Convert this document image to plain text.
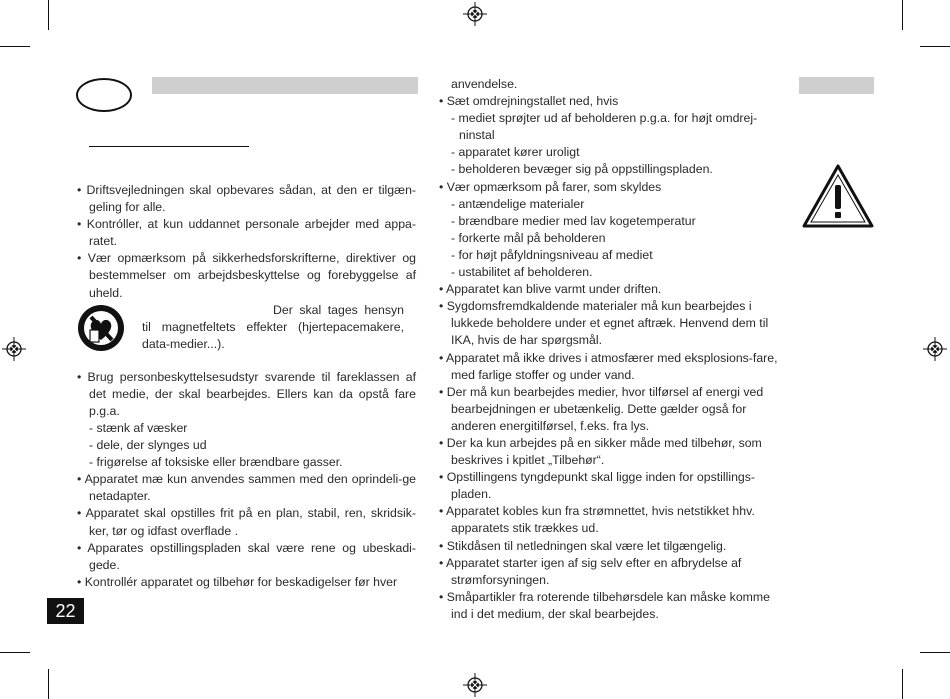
• Driftsvejledningen skal opbevares sådan, at den er tilgæn-geling for alle.

• Kontróller, at kun uddannet personale arbejder med appa-ratet.

• Vær opmærksom på sikkerhedsforskrifterne, direktiver og bestemmelser om arbejdsbeskyttelse og forebyggelse af uheld.

Der skal tages hensyn til magnetfeltets effekter (hjertepacemakere, data-medier...).

• Brug personbeskyttelsesudstyr svarende til fareklassen af det medie, der skal bearbejdes. Ellers kan da opstå fare p.g.a.

- stænk af væsker

- dele, der slynges ud

- frigørelse af toksiske eller brændbare gasser.

• Apparatet mæ kun anvendes sammen med den oprindeli-ge netadapter.

• Apparatet skal opstilles frit på en plan, stabil, ren, skridsik-ker, tør og idfast overflade .

• Apparates opstillingspladen skal være rene og ubeskadi-gede.

• Kontrollér apparatet og tilbehør for beskadigelser før hver

anvendelse.

• Sæt omdrejningstallet ned, hvis

- mediet sprøjter ud af beholderen p.g.a. for højt omdrej-

ninstal

- apparatet kører uroligt

- beholderen bevæger sig på oppstillingspladen.

• Vær opmærksom på farer, som skyldes

- antændelige materialer

- brændbare medier med lav kogetemperatur

- forkerte mål på beholderen

- for højt påfyldningsniveau af mediet

- ustabilitet af beholderen.

• Apparatet kan blive varmt under driften.

• Sygdomsfremdkaldende materialer må kun bearbejdes i lukkede beholdere under et egnet aftræk. Henvend dem til IKA, hvis de har spørgsmål.

• Apparatet må ikke drives i atmosfærer med eksplosions-fare, med farlige stoffer og under vand.

• Der må kun bearbejdes medier, hvor tilførsel af energi ved bearbejdningen er ubetænkelig. Dette gælder også for anderen energitilførsel, f.eks. fra lys.

• Der ka kun arbejdes på en sikker måde med tilbehør, som beskrives i kpitlet „Tilbehør“.

• Opstillingens tyngdepunkt skal ligge inden for opstillings-pladen.

• Apparatet kobles kun fra strømnettet, hvis netstikket hhv. apparatets stik trækkes ud.

• Stikdåsen til netledningen skal være let tilgængelig.

• Apparatet starter igen af sig selv efter en afbrydelse af strømforsyningen.

• Småpartikler fra roterende tilbehørsdele kan måske komme ind i det medium, der skal bearbejdes.

22
